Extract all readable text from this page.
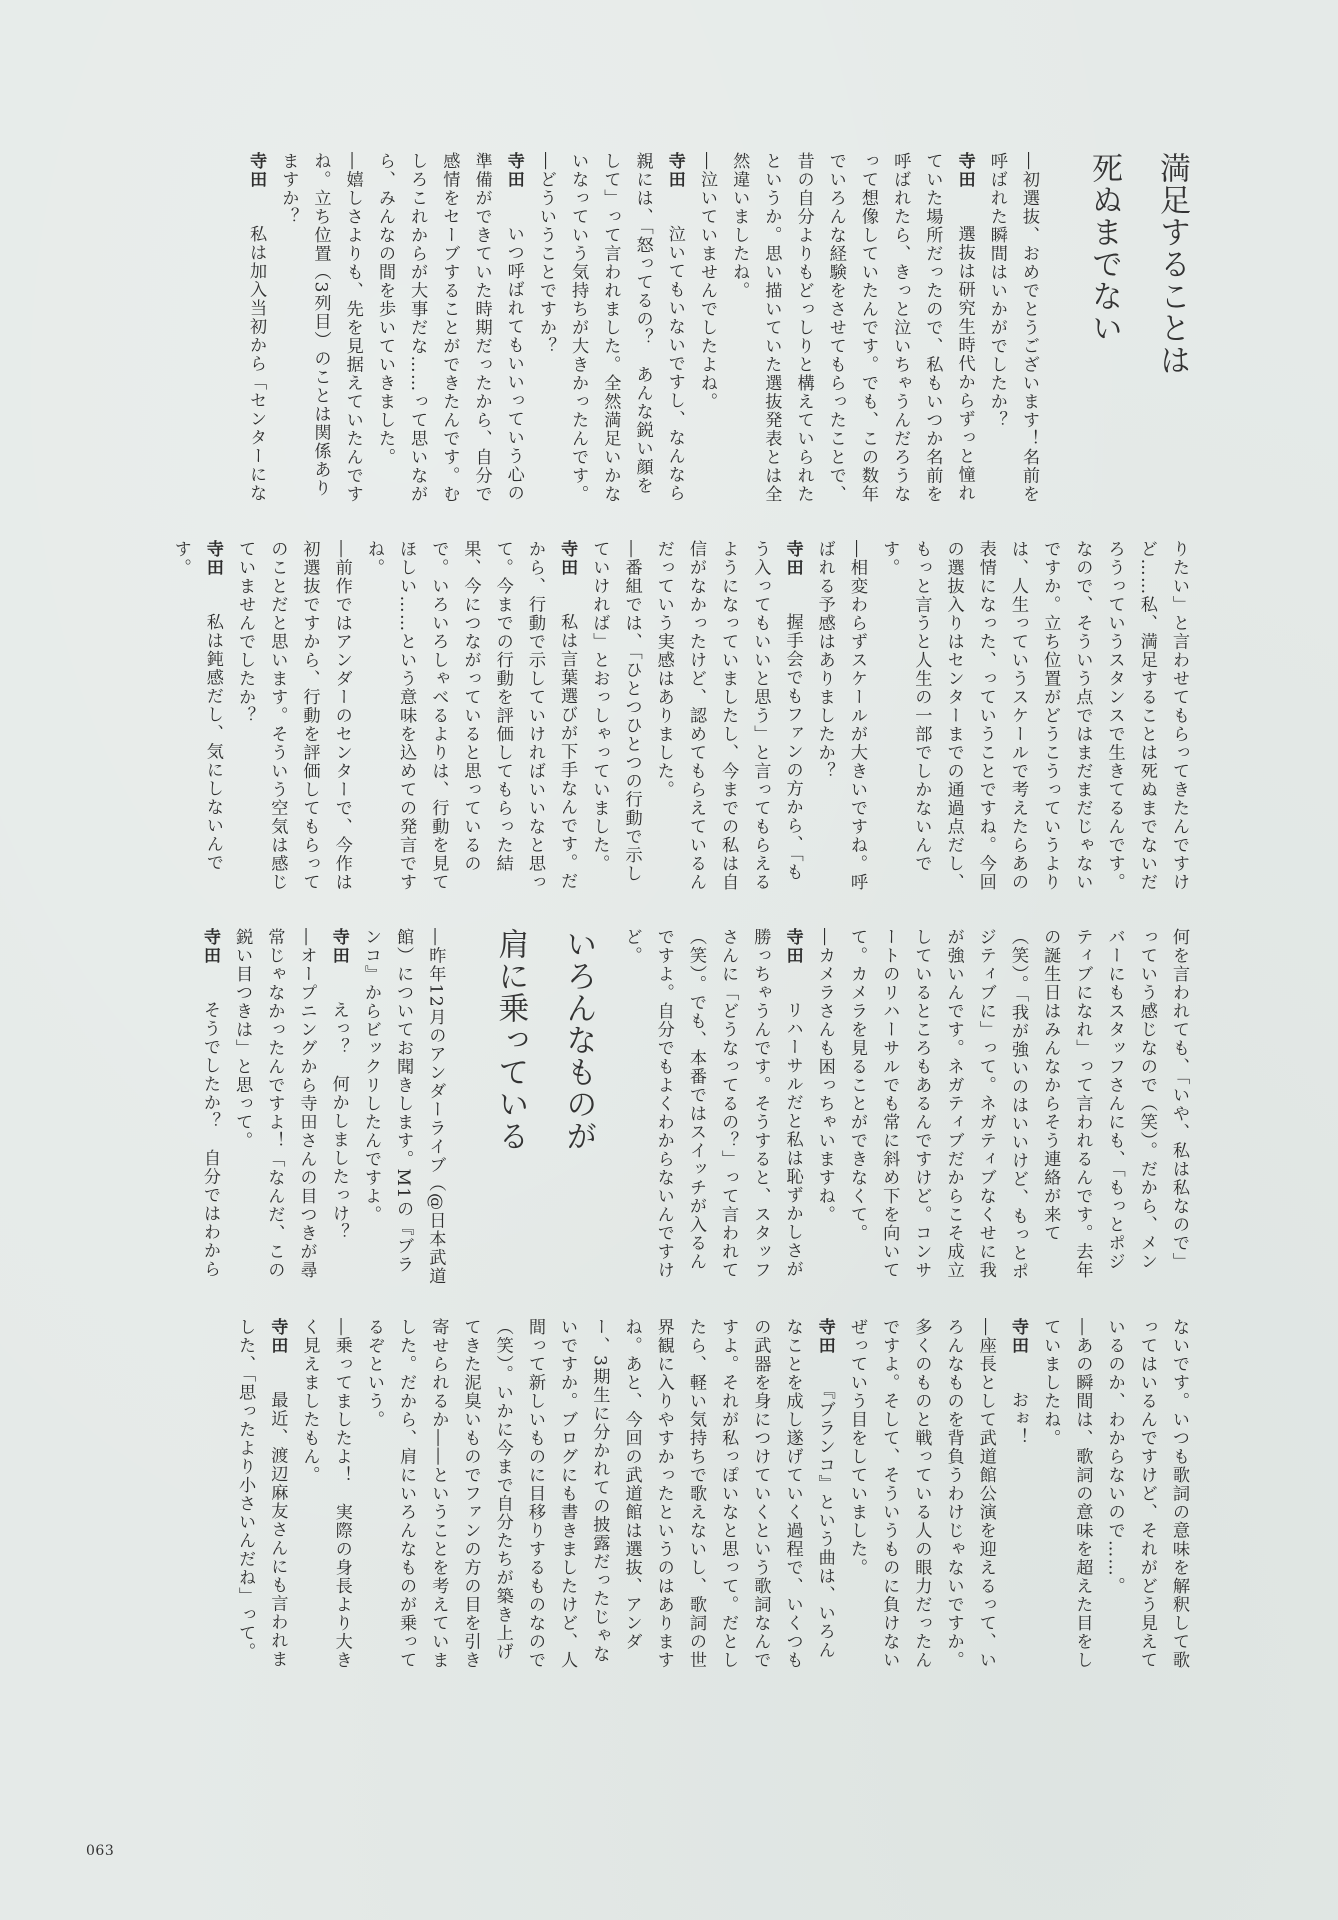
満足することは
死ぬまでない

―初選抜、おめでとうございます！名前を呼ばれた瞬間はいかがでしたか？

寺田　選抜は研究生時代からずっと憧れていた場所だったので、私もいつか名前を呼ばれたら、きっと泣いちゃうんだろうなって想像していたんです。でも、この数年でいろんな経験をさせてもらったことで、昔の自分よりもどっしりと構えていられたというか。思い描いていた選抜発表とは全然違いましたね。

―泣いていませんでしたよね。

寺田　泣いてもいないですし、なんなら親には、「怒ってるの？　あんな鋭い顔をして」って言われました。全然満足いかないなっていう気持ちが大きかったんです。

―どういうことですか？

寺田　いつ呼ばれてもいいっていう心の準備ができていた時期だったから、自分で感情をセーブすることができたんです。むしろこれからが大事だな……って思いながら、みんなの間を歩いていきました。

―嬉しさよりも、先を見据えていたんですね。立ち位置（3列目）のことは関係ありますか？

寺田　私は加入当初から「センターにな

りたい」と言わせてもらってきたんですけど……私、満足することは死ぬまでないだろうっていうスタンスで生きてるんです。なので、そういう点ではまだまだじゃないですか。立ち位置がどうこうっていうよりは、人生っていうスケールで考えたらあの表情になった、っていうことですね。今回の選抜入りはセンターまでの通過点だし、もっと言うと人生の一部でしかないんです。

―相変わらずスケールが大きいですね。呼ばれる予感はありましたか？

寺田　握手会でもファンの方から、「もう入ってもいいと思う」と言ってもらえるようになっていましたし、今までの私は自信がなかったけど、認めてもらえているんだっていう実感はありました。

―番組では、「ひとつひとつの行動で示していければ」とおっしゃっていました。

寺田　私は言葉選びが下手なんです。だから、行動で示していければいいなと思って。今までの行動を評価してもらった結果、今につながっていると思っているので。いろいろしゃべるよりは、行動を見てほしい……という意味を込めての発言ですね。

―前作ではアンダーのセンターで、今作は初選抜ですから、行動を評価してもらってのことだと思います。そういう空気は感じていませんでしたか？

寺田　私は鈍感だし、気にしないんです。

何を言われても、「いや、私は私なので」っていう感じなので（笑）。だから、メンバーにもスタッフさんにも、「もっとポジティブになれ」って言われるんです。去年の誕生日はみんなからそう連絡が来て（笑）。「我が強いのはいいけど、もっとポジティブに」って。ネガティブなくせに我が強いんです。ネガティブだからこそ成立しているところもあるんですけど。コンサートのリハーサルでも常に斜め下を向いてて。カメラを見ることができなくて。

―カメラさんも困っちゃいますね。

寺田　リハーサルだと私は恥ずかしさが勝っちゃうんです。そうすると、スタッフさんに「どうなってるの？」って言われて（笑）。でも、本番ではスイッチが入るんですよ。自分でもよくわからないんですけど。

いろんなものが
肩に乗っている

―昨年12月のアンダーライブ（@日本武道館）についてお聞きします。M1の『ブランコ』からビックリしたんですよ。

寺田　えっ？　何かしましたっけ？

―オープニングから寺田さんの目つきが尋常じゃなかったんですよ！「なんだ、この鋭い目つきは」と思って。

寺田　そうでしたか？　自分ではわから

ないです。いつも歌詞の意味を解釈して歌ってはいるんですけど、それがどう見えているのか、わからないので……。

―あの瞬間は、歌詞の意味を超えた目をしていましたね。

寺田　おぉ！

―座長として武道館公演を迎えるって、いろんなものを背負うわけじゃないですか。多くのものと戦っている人の眼力だったんですよ。そして、そういうものに負けないぜっていう目をしていました。

寺田　『ブランコ』という曲は、いろんなことを成し遂げていく過程で、いくつもの武器を身につけていくという歌詞なんですよ。それが私っぽいなと思って。だとしたら、軽い気持ちで歌えないし、歌詞の世界観に入りやすかったというのはありますね。あと、今回の武道館は選抜、アンダー、3期生に分かれての披露だったじゃないですか。ブログにも書きましたけど、人間って新しいものに目移りするものなので（笑）。いかに今まで自分たちが築き上げてきた泥臭いものでファンの方の目を引き寄せられるか――ということを考えていました。だから、肩にいろんなものが乗ってるぞという。

―乗ってましたよ！　実際の身長より大きく見えましたもん。

寺田　最近、渡辺麻友さんにも言われました、「思ったより小さいんだね」って。

063
